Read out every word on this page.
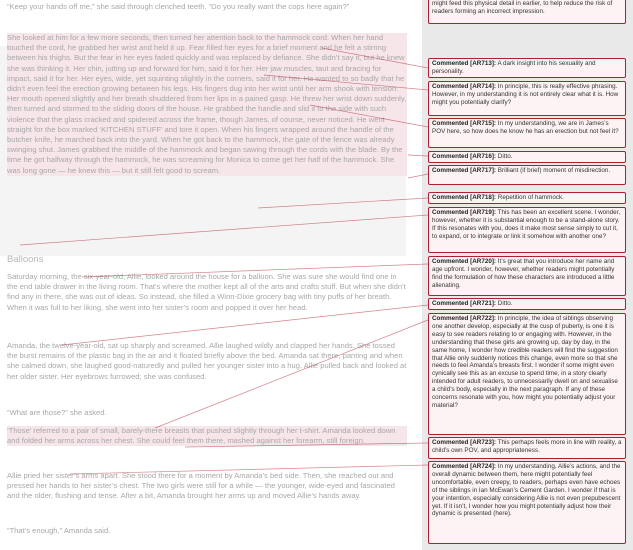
“Keep your hands off me,” she said through clenched teeth. “Do you really want the cops here again?”

She looked at him for a few more seconds, then turned her attention back to the hammock cord. When her hand touched the cord, he grabbed her wrist and held it up. Fear filled her eyes for a brief moment and he felt a stirring between his thighs. But the fear in her eyes faded quickly and was replaced by defiance. She didn’t say it, but he knew she was thinking it. Her chin, jutting up and forward for him, said it for her. Her jaw muscles, taut and bracing for impact, said it for her. Her eyes, wide, yet squinting slightly in the corners, said it for her. He wanted to so badly that he didn’t even feel the erection growing between his legs. His fingers dug into her wrist until her arm shook with tension. Her mouth opened slightly and her breath shuddered from her lips in a pained gasp. He threw her wrist down suddenly, then turned and stormed to the sliding doors of the house. He grabbed the handle and slid it to the side with such violence that the glass cracked and spidered across the frame, though James, of course, never noticed. He went straight for the box marked ‘KITCHEN STUFF’ and tore it open. When his fingers wrapped around the handle of the butcher knife, he marched back into the yard. When he got back to the hammock, the gate of the fence was already swinging shut. James grabbed the middle of the hammock and began sawing through the cords with the blade. By the time he got halfway through the hammock, he was screaming for Monica to come get her half of the hammock. She was long gone — he knew this — but it still felt good to scream.

Balloons

Saturday morning, the six-year-old, Allie, looked around the house for a balloon. She was sure she would find one in the end table drawer in the living room. That’s where the mother kept all of the arts and crafts stuff. But when she didn’t find any in there, she was out of ideas. So instead, she filled a Winn-Dixie grocery bag with tiny puffs of her breath. When it was full to her liking, she went into her sister’s room and popped it over her head.

Amanda, the twelve-year-old, sat up sharply and screamed. Allie laughed wildly and clapped her hands. She tossed the burst remains of the plastic bag in the air and it floated briefly above the bed. Amanda sat there, panting and when she calmed down, she laughed good-naturedly and pulled her younger sister into a hug. Allie pulled back and looked at her older sister. Her eyebrows furrowed; she was confused.

“What are those?” she asked.

‘Those’ referred to a pair of small, barely-there breasts that pushed slightly through her t-shirt. Amanda looked down and folded her arms across her chest. She could feel them there, mashed against her forearm, still foreign.

Allie pried her sister’s arms apart. She stood there for a moment by Amanda’s bed side. Then, she reached out and pressed her hands to her sister’s chest. The two girls were still for a while — the younger, wide-eyed and fascinated and the older, flushing and tense. After a bit, Amanda brought her arms up and moved Allie’s hands away.

“That’s enough,” Amanda said.

might feed this physical detail in earlier, to help reduce the risk of readers forming an incorrect impression.
Commented [AR713]: A dark insight into his sexuality and personality.
Commented [AR714]: In principle, this is really effective phrasing. However, in my understanding it is not entirely clear what it is. How might you potentially clarify?
Commented [AR715]: In my understanding, we are in James’s POV here, so how does he know he has an erection but not feel it?
Commented [AR716]: Ditto.
Commented [AR717]: Brilliant (if brief) moment of misdirection.
Commented [AR718]: Repetition of hammock.
Commented [AR719]: This has been an excellent scene. I wonder, however, whether it is substantial enough to be a stand-alone story. If this resonates with you, does it make most sense simply to cut it, to expand, or to integrate or link it somehow with another one?
Commented [AR720]: It’s great that you introduce her name and age upfront. I wonder, however, whether readers might potentially find the formulation of how these characters are introduced a little alienating.
Commented [AR721]: Ditto.
Commented [AR722]: In principle, the idea of siblings observing one another develop, especially at the cusp of puberty, is one it is easy to see readers relating to or engaging with. However, in the understanding that these girls are growing up, day by day, in the same home, I wonder how credible readers will find the suggestion that Allie only suddenly notices this change, even more so that she needs to feel Amanda’s breasts first. I wonder if some might even cynically see this as an excuse to spend time, in a story clearly intended for adult readers, to unnecessarily dwell on and sexualise a child’s body, especially in the next paragraph. If any of these concerns resonate with you, how might you potentially adjust your material?
Commented [AR723]: This perhaps feels more in line with reality, a child’s own POV, and appropriateness.
Commented [AR724]: In my understanding, Allie’s actions, and the overall dynamic between them, here might potentially feel uncomfortable, even creepy, to readers, perhaps even have echoes of the siblings in Ian McEwan’s Cement Garden. I wonder if that is your intention, especially considering Allie is not even prepubescent yet. If it isn’t, I wonder how you might potentially adjust how their dynamic is presented (here).
